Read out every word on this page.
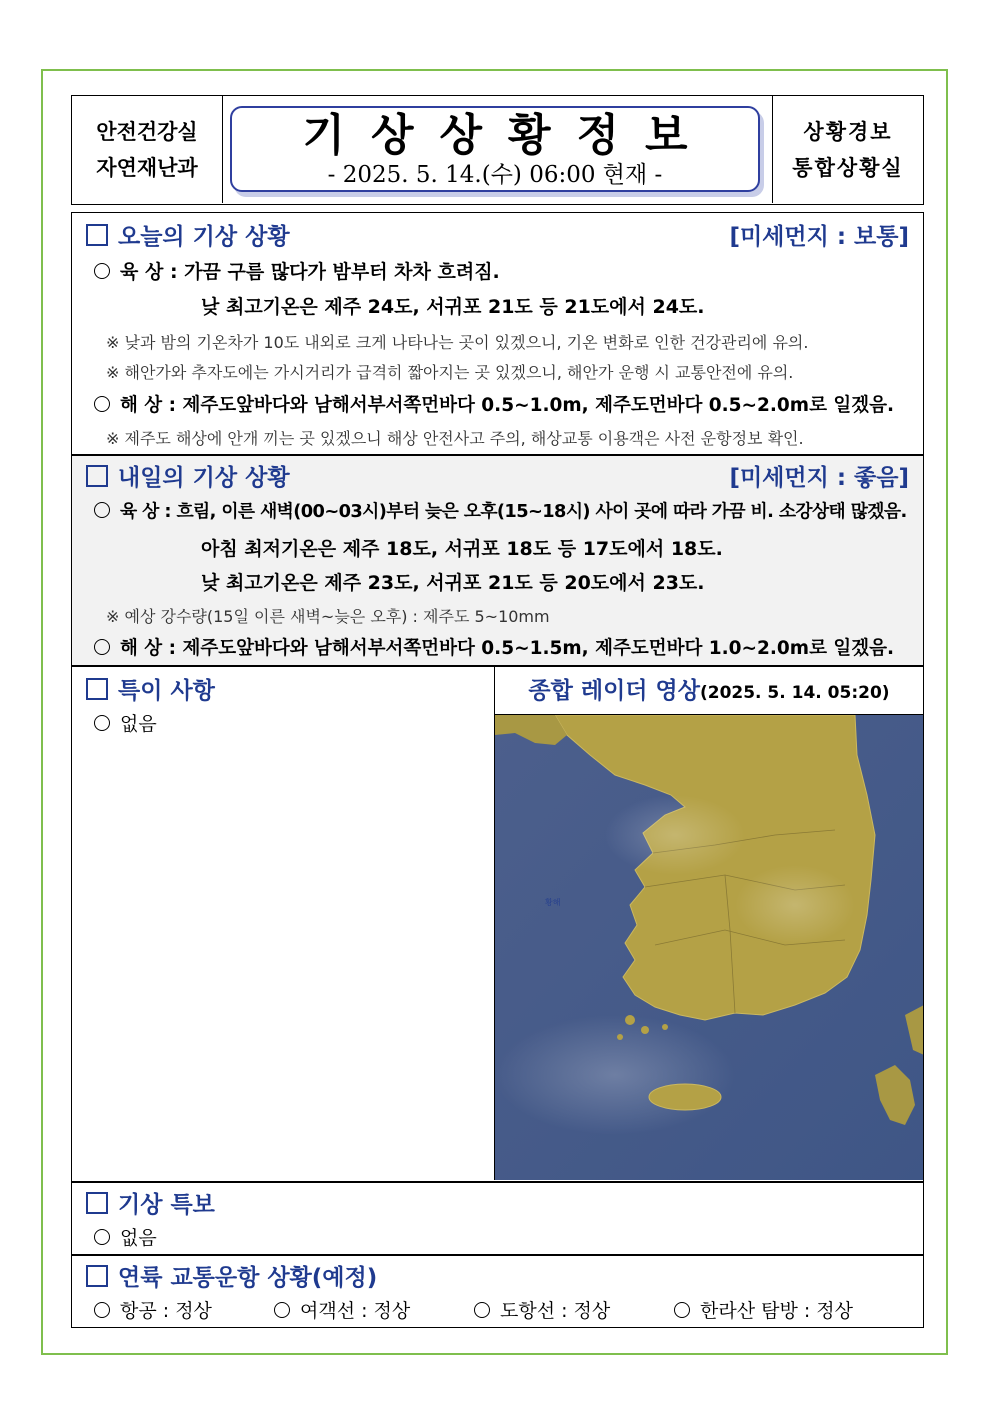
안전건강실
자연재난과
기상상황정보
- 2025. 5. 14.(수) 06:00 현재 -
상황경보
통합상황실
오늘의 기상 상황	[미세먼지 : 보통]
육 상 : 가끔 구름 많다가 밤부터 차차 흐려짐.
낮 최고기온은 제주 24도, 서귀포 21도 등 21도에서 24도.
※ 낮과 밤의 기온차가 10도 내외로 크게 나타나는 곳이 있겠으니, 기온 변화로 인한 건강관리에 유의.
※ 해안가와 추자도에는 가시거리가 급격히 짧아지는 곳 있겠으니, 해안가 운행 시 교통안전에 유의.
해 상 : 제주도앞바다와 남해서부서쪽먼바다 0.5~1.0m, 제주도먼바다 0.5~2.0m로 일겠음.
※ 제주도 해상에 안개 끼는 곳 있겠으니 해상 안전사고 주의, 해상교통 이용객은 사전 운항정보 확인.
내일의 기상 상황	[미세먼지 : 좋음]
육 상 : 흐림, 이른 새벽(00~03시)부터 늦은 오후(15~18시) 사이 곳에 따라 가끔 비. 소강상태 많겠음.
아침 최저기온은 제주 18도, 서귀포 18도 등 17도에서 18도.
낮 최고기온은 제주 23도, 서귀포 21도 등 20도에서 23도.
※ 예상 강수량(15일 이른 새벽~늦은 오후) : 제주도 5~10mm
해 상 : 제주도앞바다와 남해서부서쪽먼바다 0.5~1.5m, 제주도먼바다 1.0~2.0m로 일겠음.
특이 사항
없음
종합 레이더 영상(2025. 5. 14. 05:20)
황해
기상 특보
없음
연륙 교통운항 상황(예정)
항공 : 정상	여객선 : 정상	도항선 : 정상	한라산 탐방 : 정상
